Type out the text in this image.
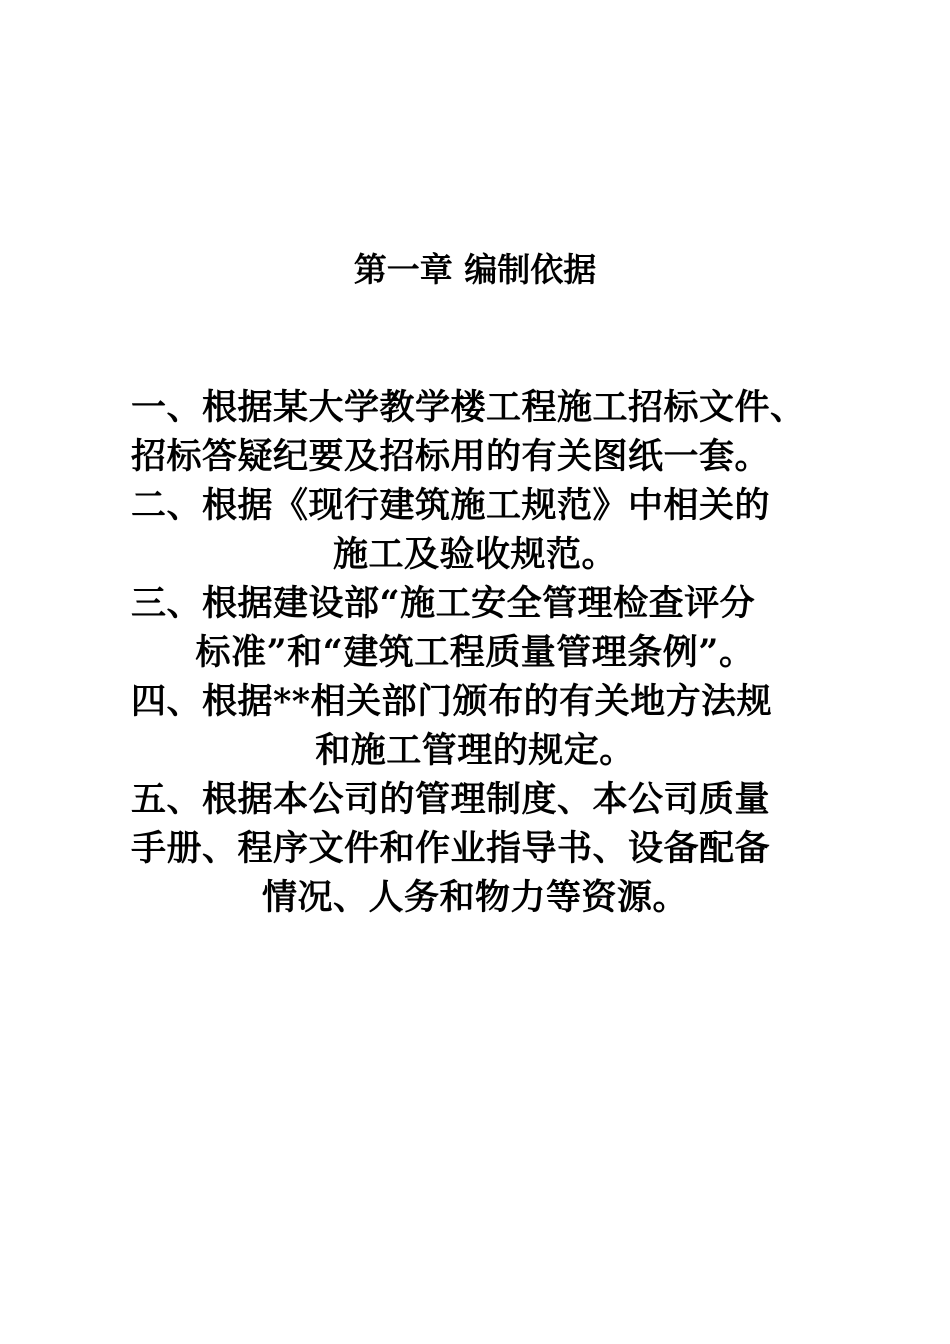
第一章 编制依据
一、根据某大学教学楼工程施工招标文件、
招标答疑纪要及招标用的有关图纸一套。
二、根据《现行建筑施工规范》中相关的
施工及验收规范。
三、根据建设部“施工安全管理检查评分
标准”和“建筑工程质量管理条例”。
四、根据**相关部门颁布的有关地方法规
和施工管理的规定。
五、根据本公司的管理制度、本公司质量
手册、程序文件和作业指导书、设备配备
情况、人务和物力等资源。
